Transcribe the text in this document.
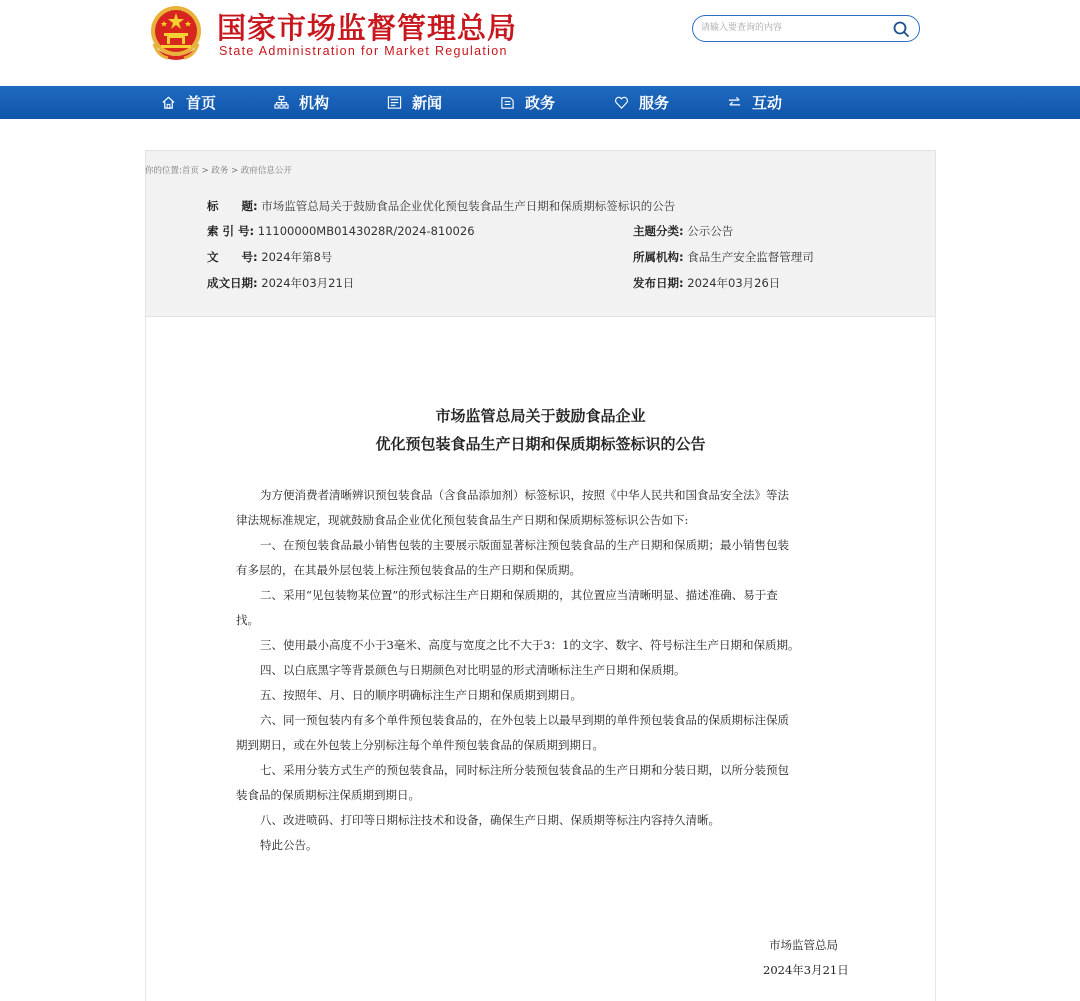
国家市场监督管理总局
State Administration for Market Regulation
请输入要查询的内容
首页	机构	新闻	政务	服务	互动
你的位置:首页 > 政务 > 政府信息公开
标　　题: 市场监管总局关于鼓励食品企业优化预包装食品生产日期和保质期标签标识的公告
索 引 号: 11100000MB0143028R/2024-810026	主题分类: 公示公告
文　　号: 2024年第8号	所属机构: 食品生产安全监督管理司
成文日期: 2024年03月21日	发布日期: 2024年03月26日
市场监管总局关于鼓励食品企业
优化预包装食品生产日期和保质期标签标识的公告
为方便消费者清晰辨识预包装食品（含食品添加剂）标签标识，按照《中华人民共和国食品安全法》等法
律法规标准规定，现就鼓励食品企业优化预包装食品生产日期和保质期标签标识公告如下:
一、在预包装食品最小销售包装的主要展示版面显著标注预包装食品的生产日期和保质期；最小销售包装
有多层的，在其最外层包装上标注预包装食品的生产日期和保质期。
二、采用“见包装物某位置”的形式标注生产日期和保质期的，其位置应当清晰明显、描述准确、易于查
找。
三、使用最小高度不小于3毫米、高度与宽度之比不大于3：1的文字、数字、符号标注生产日期和保质期。
四、以白底黑字等背景颜色与日期颜色对比明显的形式清晰标注生产日期和保质期。
五、按照年、月、日的顺序明确标注生产日期和保质期到期日。
六、同一预包装内有多个单件预包装食品的，在外包装上以最早到期的单件预包装食品的保质期标注保质
期到期日，或在外包装上分别标注每个单件预包装食品的保质期到期日。
七、采用分装方式生产的预包装食品，同时标注所分装预包装食品的生产日期和分装日期，以所分装预包
装食品的保质期标注保质期到期日。
八、改进喷码、打印等日期标注技术和设备，确保生产日期、保质期等标注内容持久清晰。
特此公告。
市场监管总局
2024年3月21日
